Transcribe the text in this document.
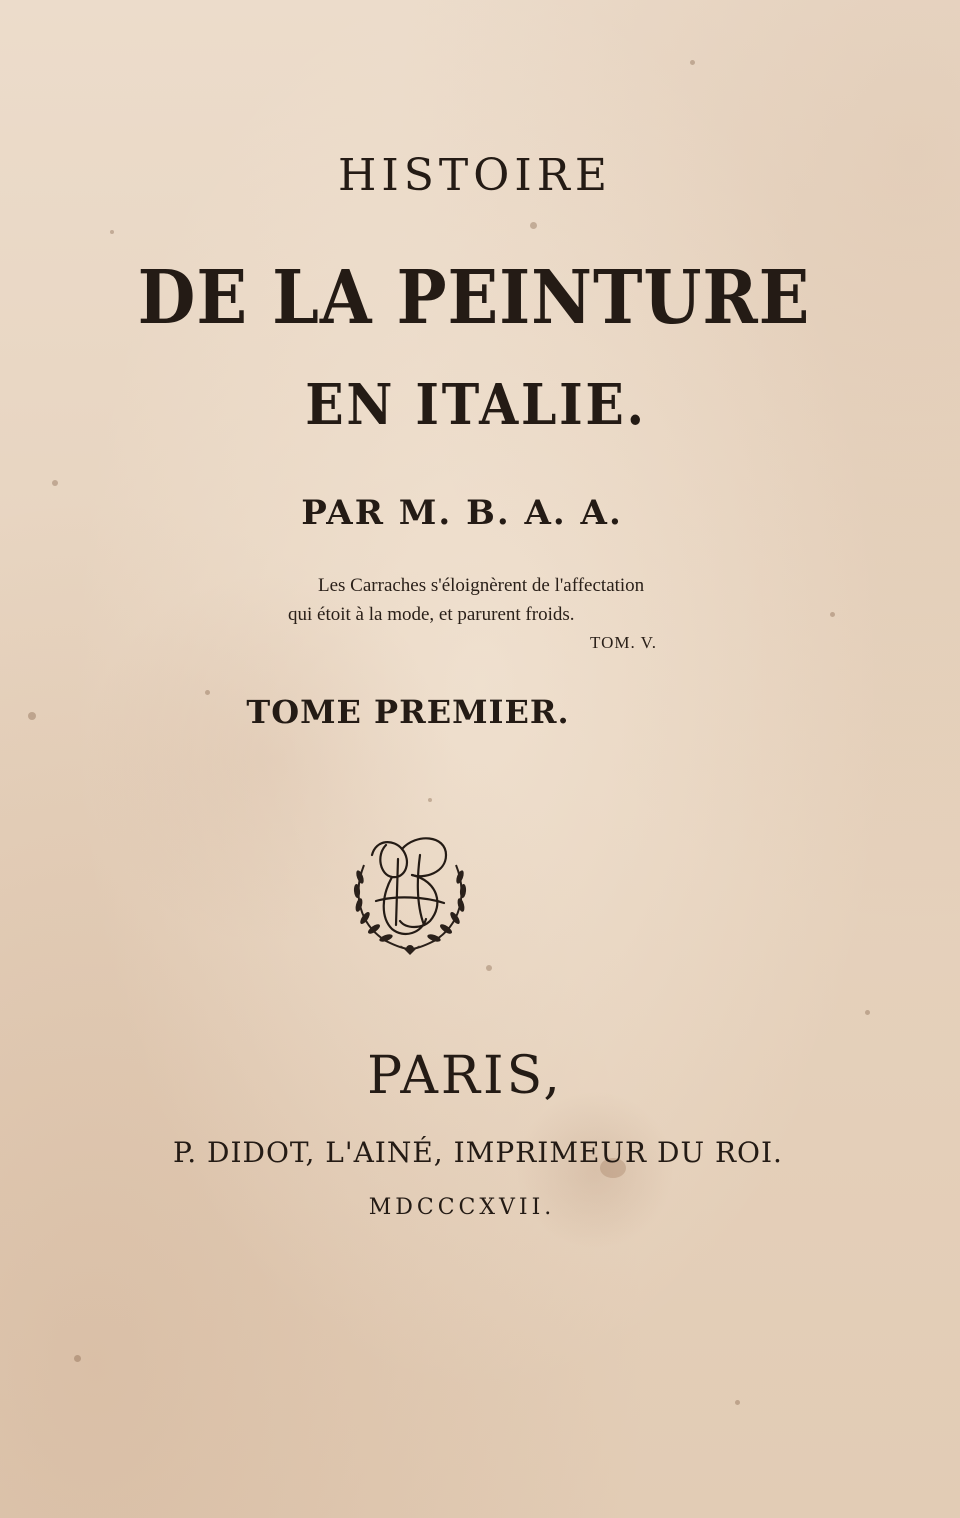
HISTOIRE
DE LA PEINTURE
EN ITALIE.
PAR M. B. A. A.
Les Carraches s'éloignèrent de l'affectation
qui étoit à la mode, et parurent froids.
TOM. V.
TOME PREMIER.
PARIS,
P. DIDOT, L'AINÉ, IMPRIMEUR DU ROI.
MDCCCXVII.
